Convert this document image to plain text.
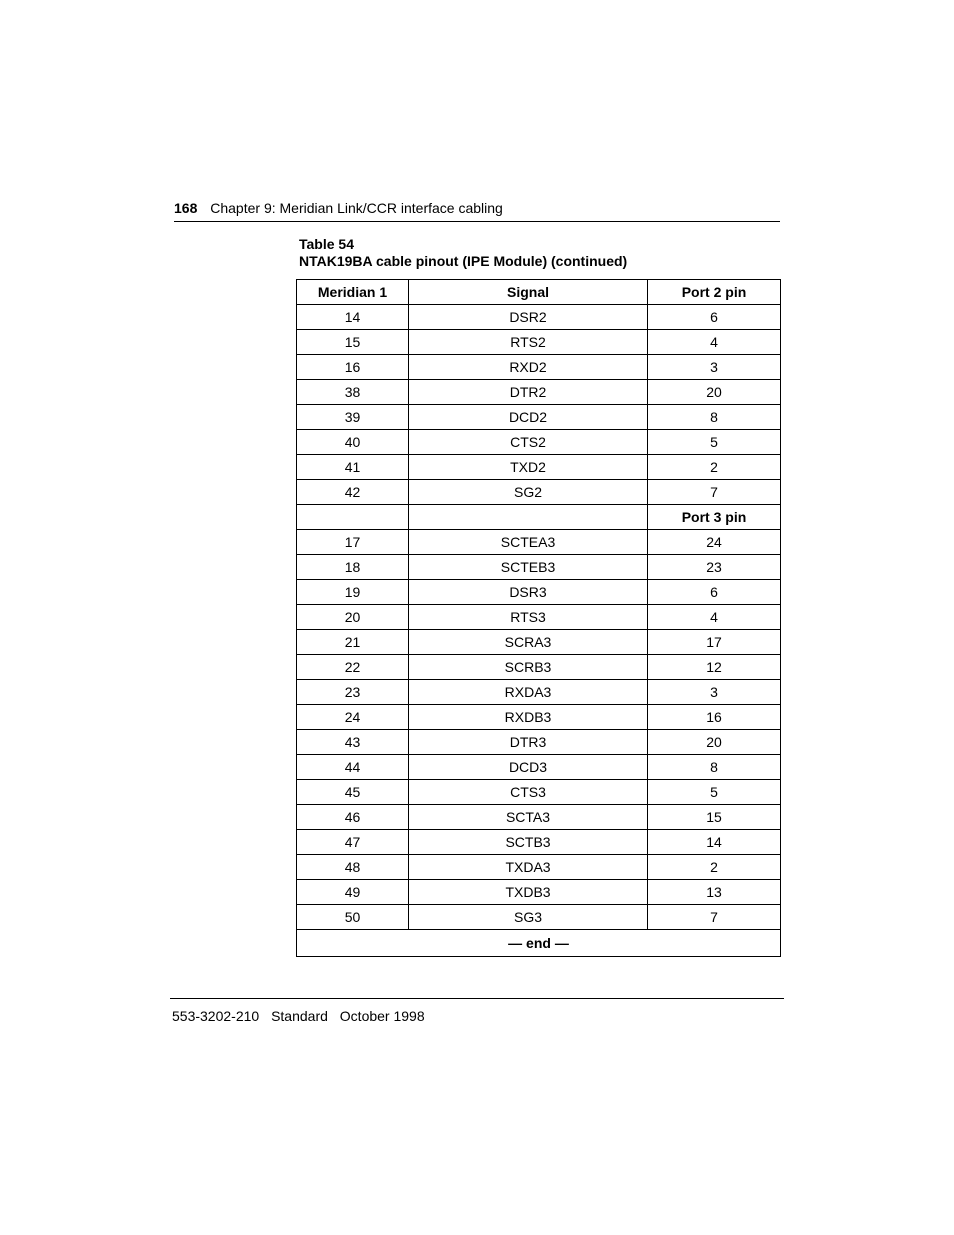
168 Chapter 9: Meridian Link/CCR interface cabling
Table 54
NTAK19BA cable pinout (IPE Module) (continued)
Meridian 1	Signal	Port 2 pin
14	DSR2	6
15	RTS2	4
16	RXD2	3
38	DTR2	20
39	DCD2	8
40	CTS2	5
41	TXD2	2
42	SG2	7
		Port 3 pin
17	SCTEA3	24
18	SCTEB3	23
19	DSR3	6
20	RTS3	4
21	SCRA3	17
22	SCRB3	12
23	RXDA3	3
24	RXDB3	16
43	DTR3	20
44	DCD3	8
45	CTS3	5
46	SCTA3	15
47	SCTB3	14
48	TXDA3	2
49	TXDB3	13
50	SG3	7
— end —		
553-3202-210 Standard October 1998
